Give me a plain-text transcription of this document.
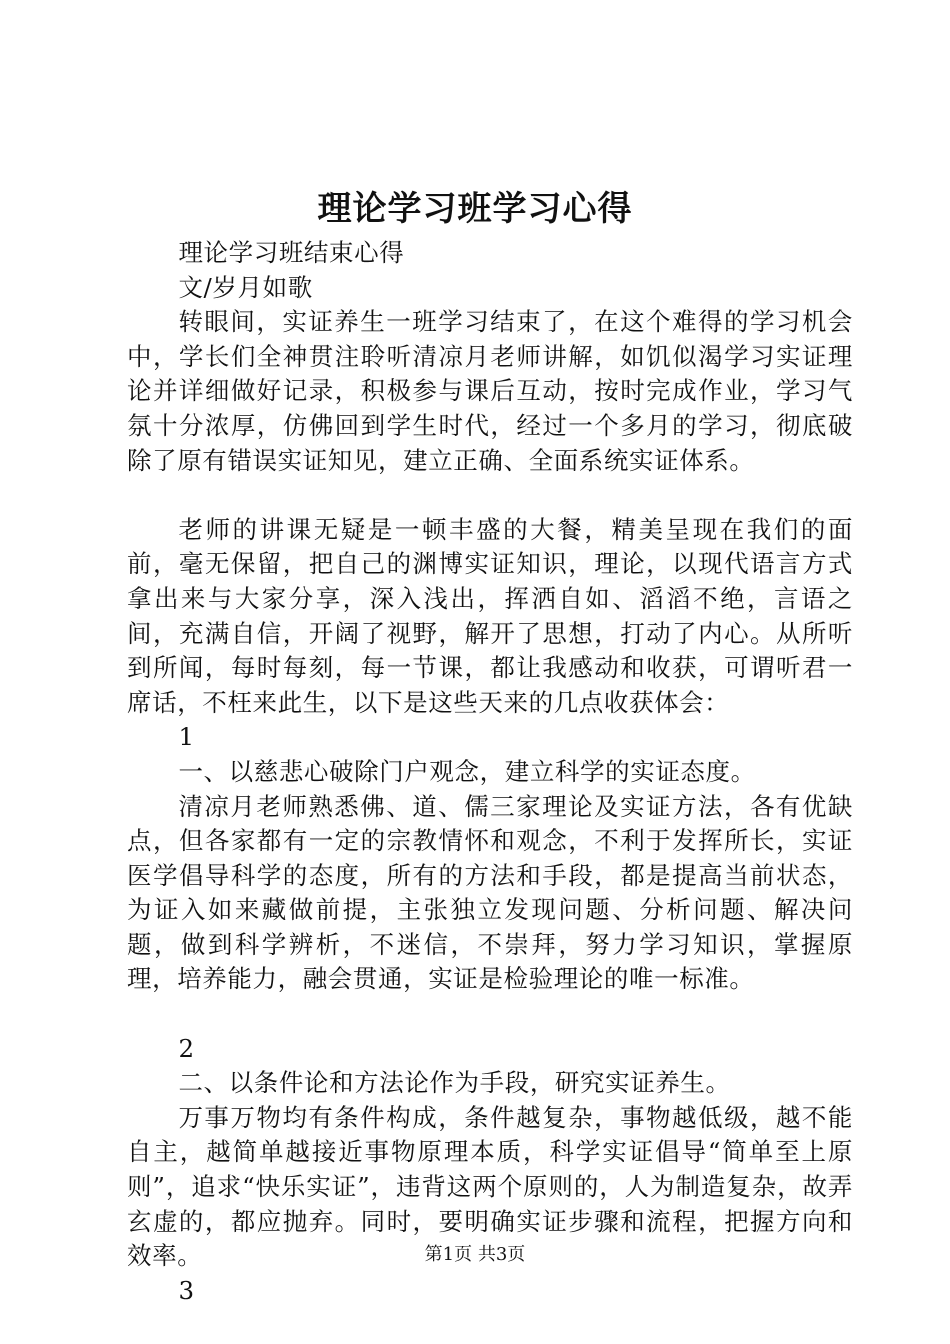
理论学习班学习心得

理论学习班结束心得

文/岁月如歌

转眼间，实证养生一班学习结束了，在这个难得的学习机会中，学长们全神贯注聆听清凉月老师讲解，如饥似渴学习实证理论并详细做好记录，积极参与课后互动，按时完成作业，学习气氛十分浓厚，仿佛回到学生时代，经过一个多月的学习，彻底破除了原有错误实证知见，建立正确、全面系统实证体系。

老师的讲课无疑是一顿丰盛的大餐，精美呈现在我们的面前，毫无保留，把自己的渊博实证知识，理论，以现代语言方式拿出来与大家分享，深入浅出，挥洒自如、滔滔不绝，言语之间，充满自信，开阔了视野，解开了思想，打动了内心。从所听到所闻，每时每刻，每一节课，都让我感动和收获，可谓听君一席话，不枉来此生，以下是这些天来的几点收获体会：

1

一、以慈悲心破除门户观念，建立科学的实证态度。

清凉月老师熟悉佛、道、儒三家理论及实证方法，各有优缺点，但各家都有一定的宗教情怀和观念，不利于发挥所长，实证医学倡导科学的态度，所有的方法和手段，都是提高当前状态，为证入如来藏做前提，主张独立发现问题、分析问题、解决问题，做到科学辨析，不迷信，不崇拜，努力学习知识，掌握原理，培养能力，融会贯通，实证是检验理论的唯一标准。

2

二、以条件论和方法论作为手段，研究实证养生。

万事万物均有条件构成，条件越复杂，事物越低级，越不能自主，越简单越接近事物原理本质，科学实证倡导“简单至上原则”，追求“快乐实证”，违背这两个原则的，人为制造复杂，故弄玄虚的，都应抛弃。同时，要明确实证步骤和流程，把握方向和效率。

3

第1页 共3页
